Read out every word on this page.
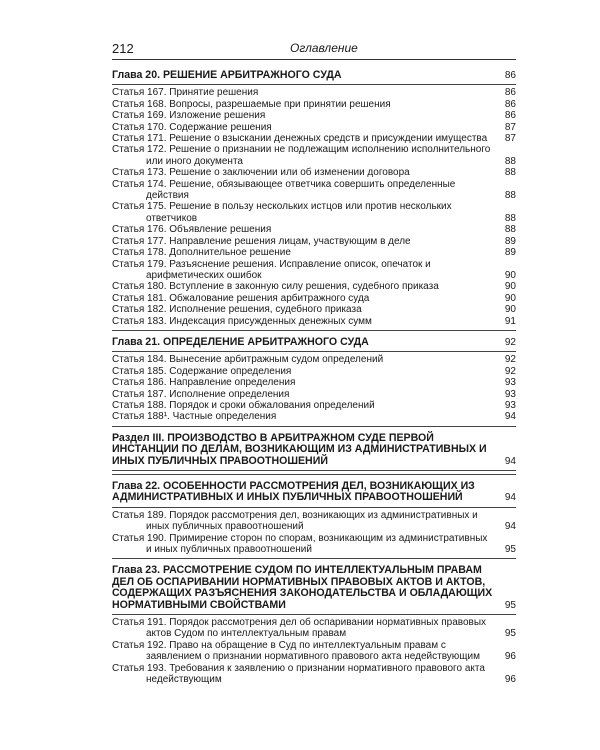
212	Оглавление
Глава 20. РЕШЕНИЕ АРБИТРАЖНОГО СУДА	86
Статья 167. Принятие решения	86
Статья 168. Вопросы, разрешаемые при принятии решения	86
Статья 169. Изложение решения	86
Статья 170. Содержание решения	87
Статья 171. Решение о взыскании денежных средств и присуждении имущества	87
Статья 172. Решение о признании не подлежащим исполнению исполнительного или иного документа	88
Статья 173. Решение о заключении или об изменении договора	88
Статья 174. Решение, обязывающее ответчика совершить определенные действия	88
Статья 175. Решение в пользу нескольких истцов или против нескольких ответчиков	88
Статья 176. Объявление решения	88
Статья 177. Направление решения лицам, участвующим в деле	89
Статья 178. Дополнительное решение	89
Статья 179. Разъяснение решения. Исправление описок, опечаток и арифметических ошибок	90
Статья 180. Вступление в законную силу решения, судебного приказа	90
Статья 181. Обжалование решения арбитражного суда	90
Статья 182. Исполнение решения, судебного приказа	90
Статья 183. Индексация присужденных денежных сумм	91
Глава 21. ОПРЕДЕЛЕНИЕ АРБИТРАЖНОГО СУДА	92
Статья 184. Вынесение арбитражным судом определений	92
Статья 185. Содержание определения	92
Статья 186. Направление определения	93
Статья 187. Исполнение определения	93
Статья 188. Порядок и сроки обжалования определений	93
Статья 188¹. Частные определения	94
Раздел III. ПРОИЗВОДСТВО В АРБИТРАЖНОМ СУДЕ ПЕРВОЙ ИНСТАНЦИИ ПО ДЕЛАМ, ВОЗНИКАЮЩИМ ИЗ АДМИНИСТРАТИВНЫХ И ИНЫХ ПУБЛИЧНЫХ ПРАВООТНОШЕНИЙ	94
Глава 22. ОСОБЕННОСТИ РАССМОТРЕНИЯ ДЕЛ, ВОЗНИКАЮЩИХ ИЗ АДМИНИСТРАТИВНЫХ И ИНЫХ ПУБЛИЧНЫХ ПРАВООТНОШЕНИЙ	94
Статья 189. Порядок рассмотрения дел, возникающих из административных и иных публичных правоотношений	94
Статья 190. Примирение сторон по спорам, возникающим из административных и иных публичных правоотношений	95
Глава 23. РАССМОТРЕНИЕ СУДОМ ПО ИНТЕЛЛЕКТУАЛЬНЫМ ПРАВАМ ДЕЛ ОБ ОСПАРИВАНИИ НОРМАТИВНЫХ ПРАВОВЫХ АКТОВ И АКТОВ, СОДЕРЖАЩИХ РАЗЪЯСНЕНИЯ ЗАКОНОДАТЕЛЬСТВА И ОБЛАДАЮЩИХ НОРМАТИВНЫМИ СВОЙСТВАМИ	95
Статья 191. Порядок рассмотрения дел об оспаривании нормативных правовых актов Судом по интеллектуальным правам	95
Статья 192. Право на обращение в Суд по интеллектуальным правам с заявлением о признании нормативного правового акта недействующим	96
Статья 193. Требования к заявлению о признании нормативного правового акта недействующим	96
